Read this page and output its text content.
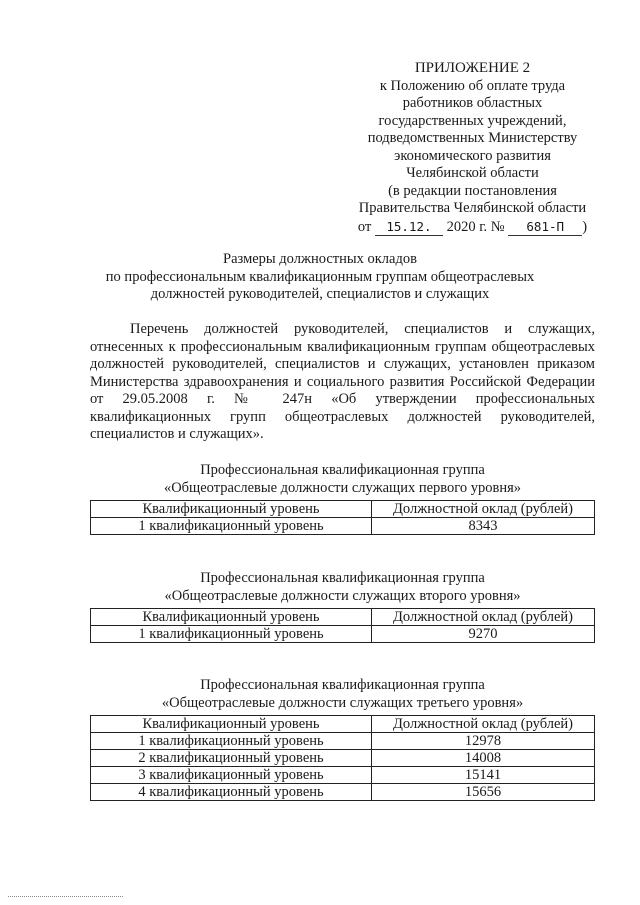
ПРИЛОЖЕНИЕ 2
к Положению об оплате труда
работников областных
государственных учреждений,
подведомственных Министерству
экономического развития
Челябинской области
(в редакции постановления
Правительства Челябинской области
от 15.12. 2020 г. № 681-П )
Размеры должностных окладов
по профессиональным квалификационным группам общеотраслевых
должностей руководителей, специалистов и служащих
Перечень должностей руководителей, специалистов и служащих, отнесенных к профессиональным квалификационным группам общеотраслевых должностей руководителей, специалистов и служащих, установлен приказом Министерства здравоохранения и социального развития Российской Федерации от 29.05.2008 г. № 247н «Об утверждении профессиональных квалификационных групп общеотраслевых должностей руководителей, специалистов и служащих».
Профессиональная квалификационная группа
«Общеотраслевые должности служащих первого уровня»
Квалификационный уровень	Должностной оклад (рублей)
1 квалификационный уровень	8343
Профессиональная квалификационная группа
«Общеотраслевые должности служащих второго уровня»
Квалификационный уровень	Должностной оклад (рублей)
1 квалификационный уровень	9270
Профессиональная квалификационная группа
«Общеотраслевые должности служащих третьего уровня»
Квалификационный уровень	Должностной оклад (рублей)
1 квалификационный уровень	12978
2 квалификационный уровень	14008
3 квалификационный уровень	15141
4 квалификационный уровень	15656
